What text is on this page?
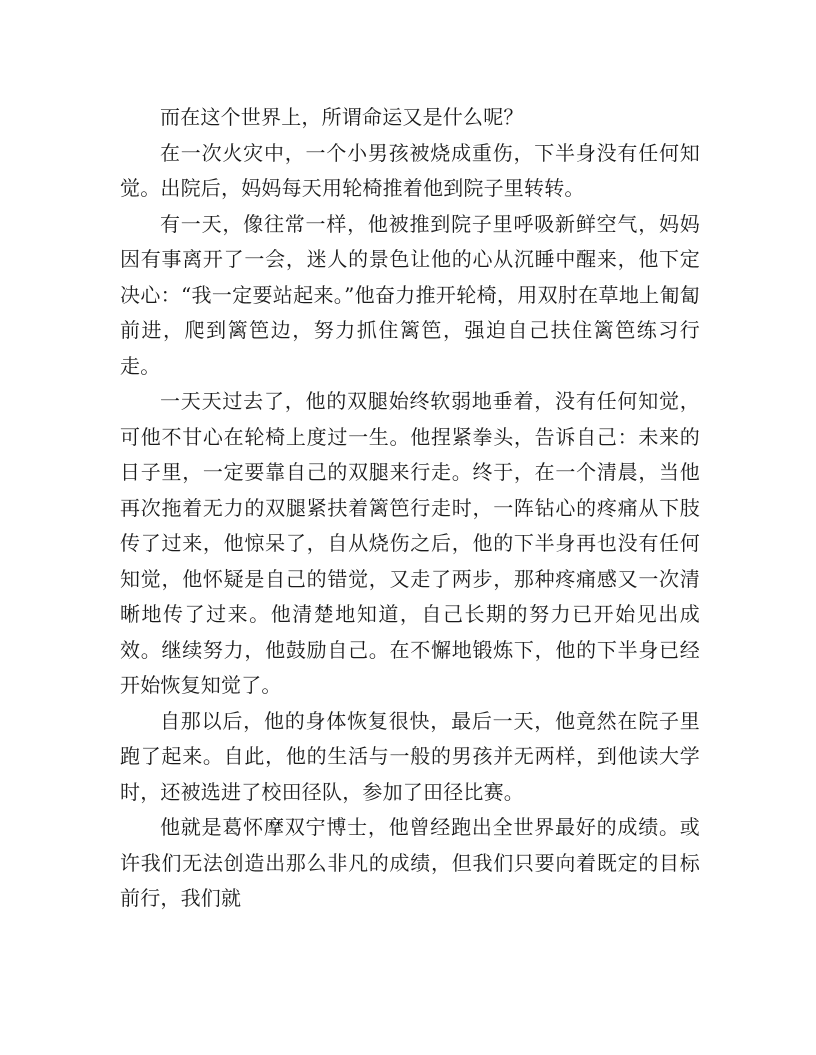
而在这个世界上，所谓命运又是什么呢？

在一次火灾中，一个小男孩被烧成重伤，下半身没有任何知觉。出院后，妈妈每天用轮椅推着他到院子里转转。

有一天，像往常一样，他被推到院子里呼吸新鲜空气，妈妈因有事离开了一会，迷人的景色让他的心从沉睡中醒来，他下定决心：“我一定要站起来。”他奋力推开轮椅，用双肘在草地上匍匐前进，爬到篱笆边，努力抓住篱笆，强迫自己扶住篱笆练习行走。

一天天过去了，他的双腿始终软弱地垂着，没有任何知觉，可他不甘心在轮椅上度过一生。他捏紧拳头，告诉自己：未来的日子里，一定要靠自己的双腿来行走。终于，在一个清晨，当他再次拖着无力的双腿紧扶着篱笆行走时，一阵钻心的疼痛从下肢传了过来，他惊呆了，自从烧伤之后，他的下半身再也没有任何知觉，他怀疑是自己的错觉，又走了两步，那种疼痛感又一次清晰地传了过来。他清楚地知道，自己长期的努力已开始见出成效。继续努力，他鼓励自己。在不懈地锻炼下，他的下半身已经开始恢复知觉了。

自那以后，他的身体恢复很快，最后一天，他竟然在院子里跑了起来。自此，他的生活与一般的男孩并无两样，到他读大学时，还被选进了校田径队，参加了田径比赛。

他就是葛怀摩双宁博士，他曾经跑出全世界最好的成绩。或许我们无法创造出那么非凡的成绩，但我们只要向着既定的目标前行，我们就
